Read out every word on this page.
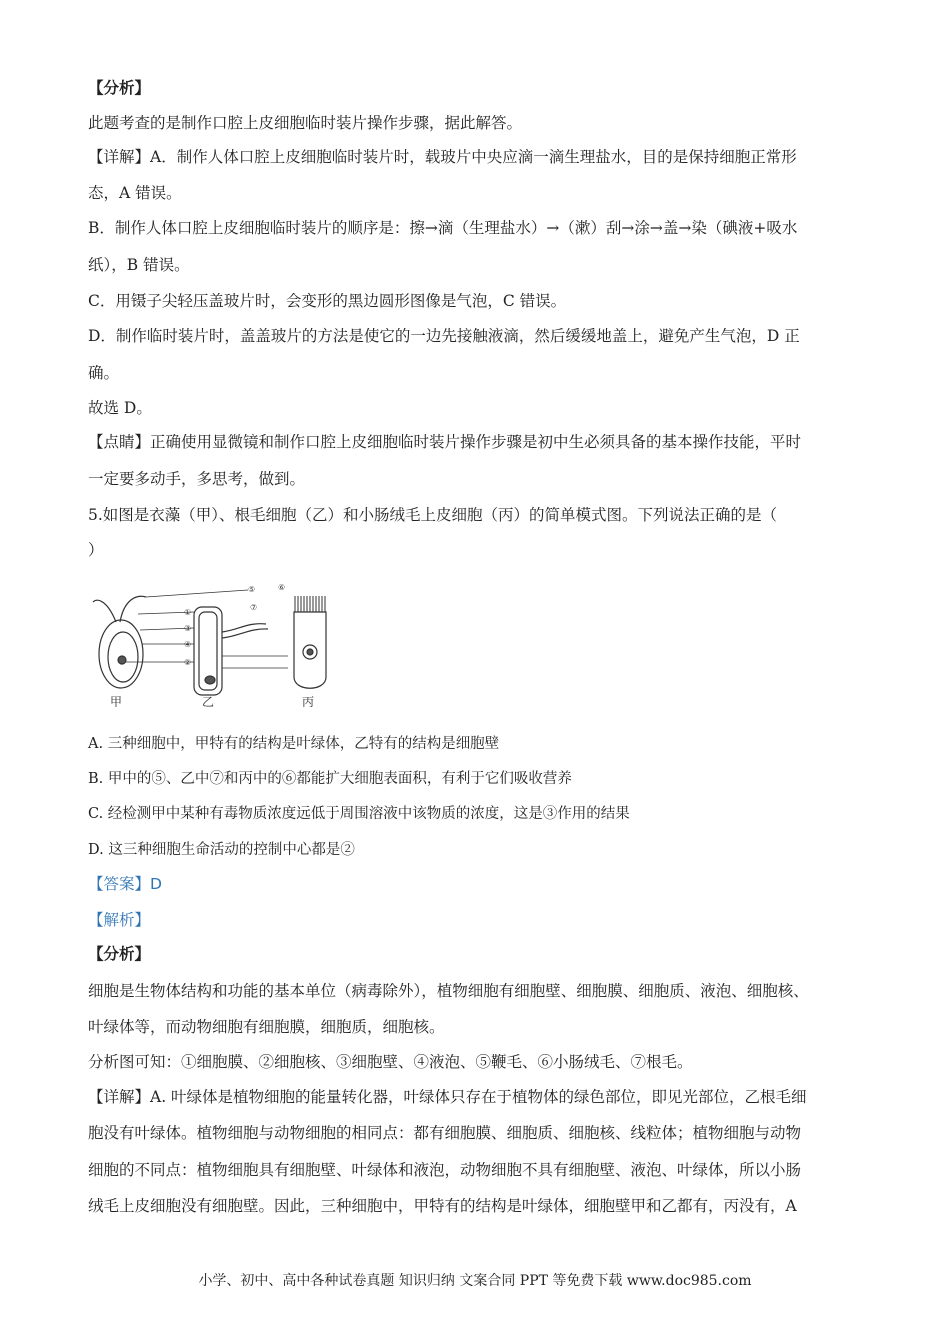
【分析】
此题考查的是制作口腔上皮细胞临时装片操作步骤，据此解答。
【详解】A．制作人体口腔上皮细胞临时装片时，载玻片中央应滴一滴生理盐水，目的是保持细胞正常形
态，A 错误。
B．制作人体口腔上皮细胞临时装片的顺序是：擦→滴（生理盐水）→（漱）刮→涂→盖→染（碘液+吸水
纸），B 错误。
C．用镊子尖轻压盖玻片时，会变形的黑边圆形图像是气泡，C 错误。
D．制作临时装片时，盖盖玻片的方法是使它的一边先接触液滴，然后缓缓地盖上，避免产生气泡，D 正
确。
故选 D。
【点睛】正确使用显微镜和制作口腔上皮细胞临时装片操作步骤是初中生必须具备的基本操作技能，平时
一定要多动手，多思考，做到。
5.如图是衣藻（甲）、根毛细胞（乙）和小肠绒毛上皮细胞（丙）的简单模式图。下列说法正确的是（
）
⑤
①
③
④
②
⑦
⑥
甲	乙	丙
A. 三种细胞中，甲特有的结构是叶绿体，乙特有的结构是细胞壁
B. 甲中的⑤、乙中⑦和丙中的⑥都能扩大细胞表面积，有利于它们吸收营养
C. 经检测甲中某种有毒物质浓度远低于周围溶液中该物质的浓度，这是③作用的结果
D. 这三种细胞生命活动的控制中心都是②
【答案】D
【解析】
【分析】
细胞是生物体结构和功能的基本单位（病毒除外），植物细胞有细胞壁、细胞膜、细胞质、液泡、细胞核、
叶绿体等，而动物细胞有细胞膜，细胞质，细胞核。
分析图可知：①细胞膜、②细胞核、③细胞壁、④液泡、⑤鞭毛、⑥小肠绒毛、⑦根毛。
【详解】A. 叶绿体是植物细胞的能量转化器，叶绿体只存在于植物体的绿色部位，即见光部位，乙根毛细
胞没有叶绿体。植物细胞与动物细胞的相同点：都有细胞膜、细胞质、细胞核、线粒体；植物细胞与动物
细胞的不同点：植物细胞具有细胞壁、叶绿体和液泡，动物细胞不具有细胞壁、液泡、叶绿体，所以小肠
绒毛上皮细胞没有细胞壁。因此，三种细胞中，甲特有的结构是叶绿体，细胞壁甲和乙都有，丙没有，A
小学、初中、高中各种试卷真题 知识归纳 文案合同 PPT 等免费下载 www.doc985.com
